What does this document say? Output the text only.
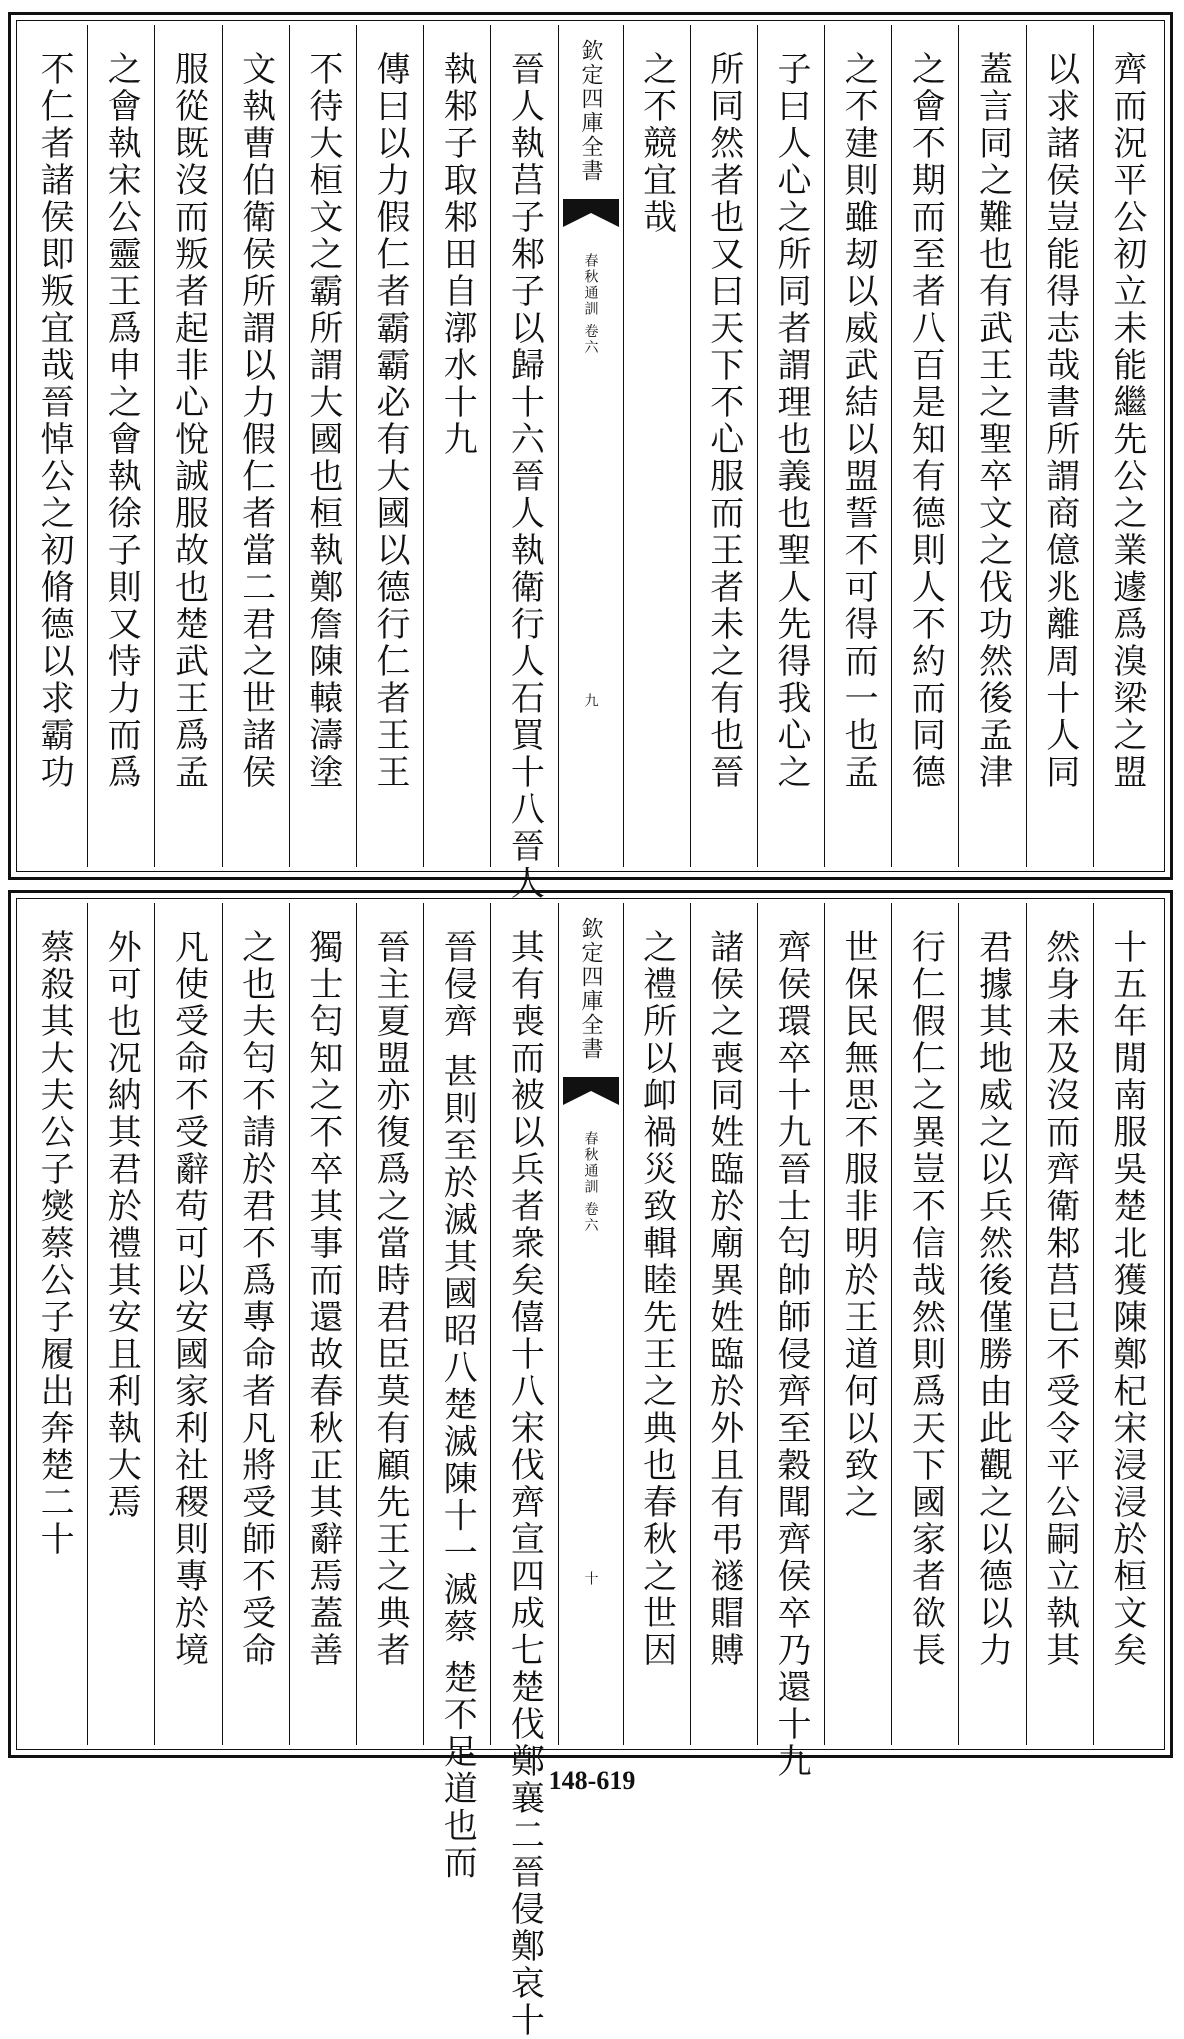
齊而況平公初立未能繼先公之業遽爲溴梁之盟
以求諸侯豈能得志哉書所謂商億兆離周十人同
蓋言同之難也有武王之聖卒文之伐功然後孟津
之會不期而至者八百是知有德則人不約而同德
之不建則雖刼以威武結以盟誓不可得而一也孟
子曰人心之所同者謂理也義也聖人先得我心之
所同然者也又曰天下不心服而王者未之有也晉
之不競宜哉
欽定四庫全書
春秋通訓 卷六
九
晉人執莒子邾子以歸十六晉人執衛行人石買十八晉人
執邾子取邾田自漷水十九
傳曰以力假仁者霸霸必有大國以德行仁者王王
不待大桓文之霸所謂大國也桓執鄭詹陳轅濤塗
文執曹伯衛侯所謂以力假仁者當二君之世諸侯
服從既沒而叛者起非心悅誠服故也楚武王爲孟
之會執宋公靈王爲申之會執徐子則又恃力而爲
不仁者諸侯即叛宜哉晉悼公之初脩德以求霸功
十五年閒南服吳楚北獲陳鄭杞宋浸浸於桓文矣
然身未及沒而齊衛邾莒已不受令平公嗣立執其
君據其地威之以兵然後僅勝由此觀之以德以力
行仁假仁之異豈不信哉然則爲天下國家者欲長
世保民無思不服非明於王道何以致之
齊侯環卒十九晉士匄帥師侵齊至穀聞齊侯卒乃還十九
諸侯之喪同姓臨於廟異姓臨於外且有弔禭賵賻
之禮所以卹禍災致輯睦先王之典也春秋之世因
欽定四庫全書
春秋通訓 卷六
十
其有喪而被以兵者衆矣僖十八宋伐齊宣四成七楚伐鄭襄二晉侵鄭哀十
晉侵齊 甚則至於滅其國昭八楚滅陳十一滅蔡 楚不足道也而
晉主夏盟亦復爲之當時君臣莫有顧先王之典者
獨士匄知之不卒其事而還故春秋正其辭焉蓋善
之也夫匄不請於君不爲專命者凡將受師不受命
凡使受命不受辭苟可以安國家利社稷則專於境
外可也况納其君於禮其安且利執大焉
蔡殺其大夫公子爕蔡公子履出奔楚二十
148-619
